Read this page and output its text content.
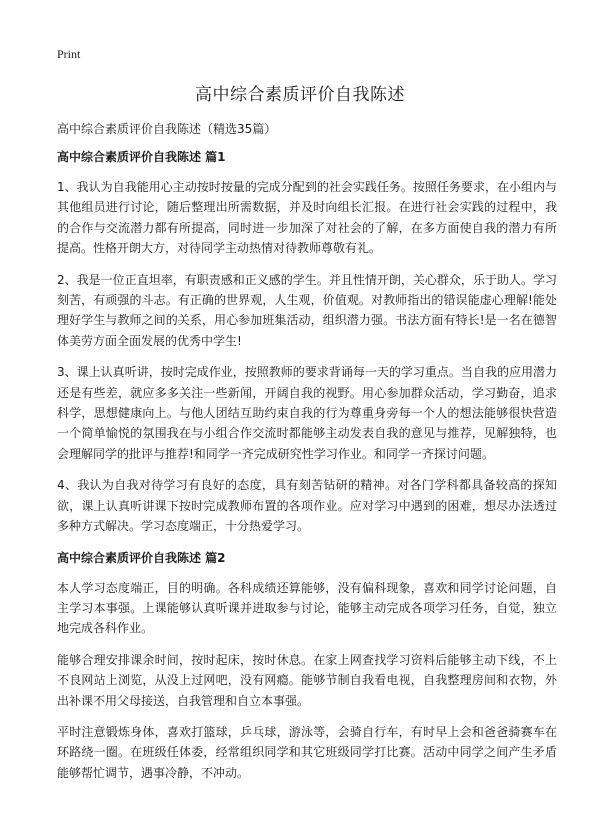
Print
高中综合素质评价自我陈述

高中综合素质评价自我陈述（精选35篇）

高中综合素质评价自我陈述 篇1

1、我认为自我能用心主动按时按量的完成分配到的社会实践任务。按照任务要求，在小组内与其他组员进行讨论，随后整理出所需数据，并及时向组长汇报。在进行社会实践的过程中，我的合作与交流潜力都有所提高，同时进一步加深了对社会的了解，在多方面使自我的潜力有所提高。性格开朗大方，对待同学主动热情对待教师尊敬有礼。

2、我是一位正直坦率，有职责感和正义感的学生。并且性情开朗，关心群众，乐于助人。学习刻苦，有顽强的斗志。有正确的世界观，人生观，价值观。对教师指出的错误能虚心理解!能处理好学生与教师之间的关系，用心参加班集活动，组织潜力强。书法方面有特长!是一名在德智体美劳方面全面发展的优秀中学生!

3、课上认真听讲，按时完成作业，按照教师的要求背诵每一天的学习重点。当自我的应用潜力还是有些差，就应多多关注一些新闻，开阔自我的视野。用心参加群众活动，学习勤奋，追求科学，思想健康向上。与他人团结互助约束自我的行为尊重身旁每一个人的想法能够很快营造一个简单愉悦的氛围我在与小组合作交流时都能够主动发表自我的意见与推荐，见解独特，也会理解同学的批评与推荐!和同学一齐完成研究性学习作业。和同学一齐探讨问题。

4、我认为自我对待学习有良好的态度，具有刻苦钻研的精神。对各门学科都具备较高的探知欲，课上认真听讲课下按时完成教师布置的各项作业。应对学习中遇到的困难，想尽办法透过多种方式解决。学习态度端正，十分热爱学习。

高中综合素质评价自我陈述 篇2

本人学习态度端正，目的明确。各科成绩还算能够，没有偏科现象，喜欢和同学讨论问题，自主学习本事强。上课能够认真听课并进取参与讨论，能够主动完成各项学习任务，自觉，独立地完成各科作业。

能够合理安排课余时间，按时起床，按时休息。在家上网查找学习资料后能够主动下线，不上不良网站上浏览，从没上过网吧，没有网瘾。能够节制自我看电视，自我整理房间和衣物，外出补课不用父母接送，自我管理和自立本事强。

平时注意锻炼身体，喜欢打篮球，乒乓球，游泳等，会骑自行车，有时早上会和爸爸骑赛车在环路绕一圈。在班级任体委，经常组织同学和其它班级同学打比赛。活动中同学之间产生矛盾能够帮忙调节，遇事冷静，不冲动。
